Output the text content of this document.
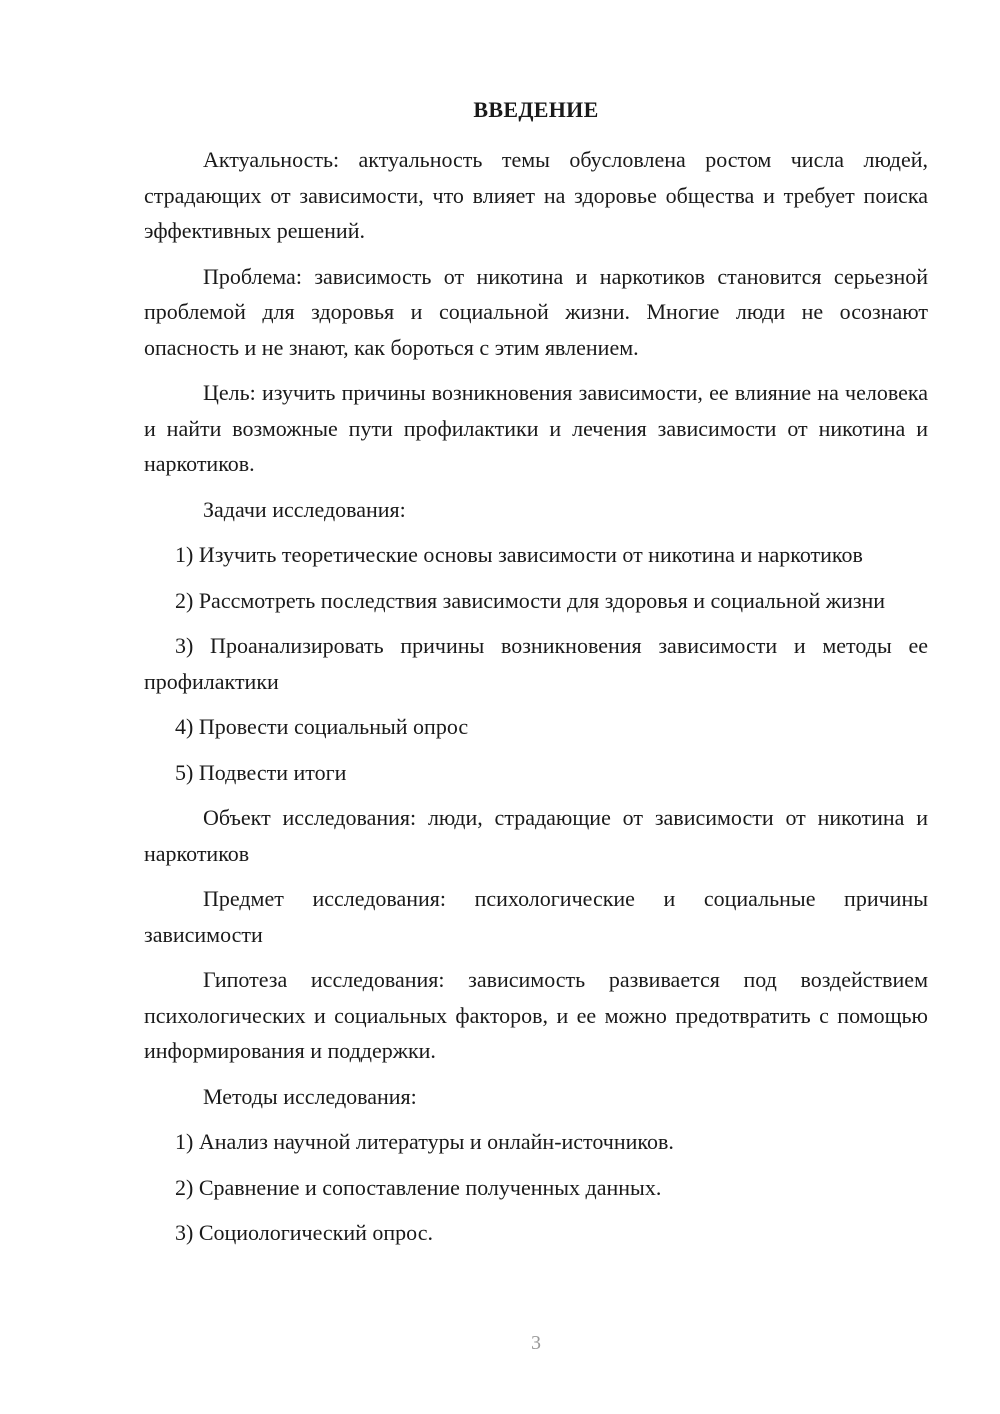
ВВЕДЕНИЕ

Актуальность: актуальность темы обусловлена ростом числа людей, страдающих от зависимости, что влияет на здоровье общества и требует поиска эффективных решений.

Проблема: зависимость от никотина и наркотиков становится серьезной проблемой для здоровья и социальной жизни. Многие люди не осознают опасность и не знают, как бороться с этим явлением.

Цель: изучить причины возникновения зависимости, ее влияние на человека и найти возможные пути профилактики и лечения зависимости от никотина и наркотиков.

Задачи исследования:

1) Изучить теоретические основы зависимости от никотина и наркотиков

2) Рассмотреть последствия зависимости для здоровья и социальной жизни

3) Проанализировать причины возникновения зависимости и методы ее профилактики

4) Провести социальный опрос

5) Подвести итоги

Объект исследования: люди, страдающие от зависимости от никотина и наркотиков

Предмет исследования: психологические и социальные причины зависимости

Гипотеза исследования: зависимость развивается под воздействием психологических и социальных факторов, и ее можно предотвратить с помощью информирования и поддержки.

Методы исследования:

1) Анализ научной литературы и онлайн-источников.

2) Сравнение и сопоставление полученных данных.

3) Социологический опрос.

3
